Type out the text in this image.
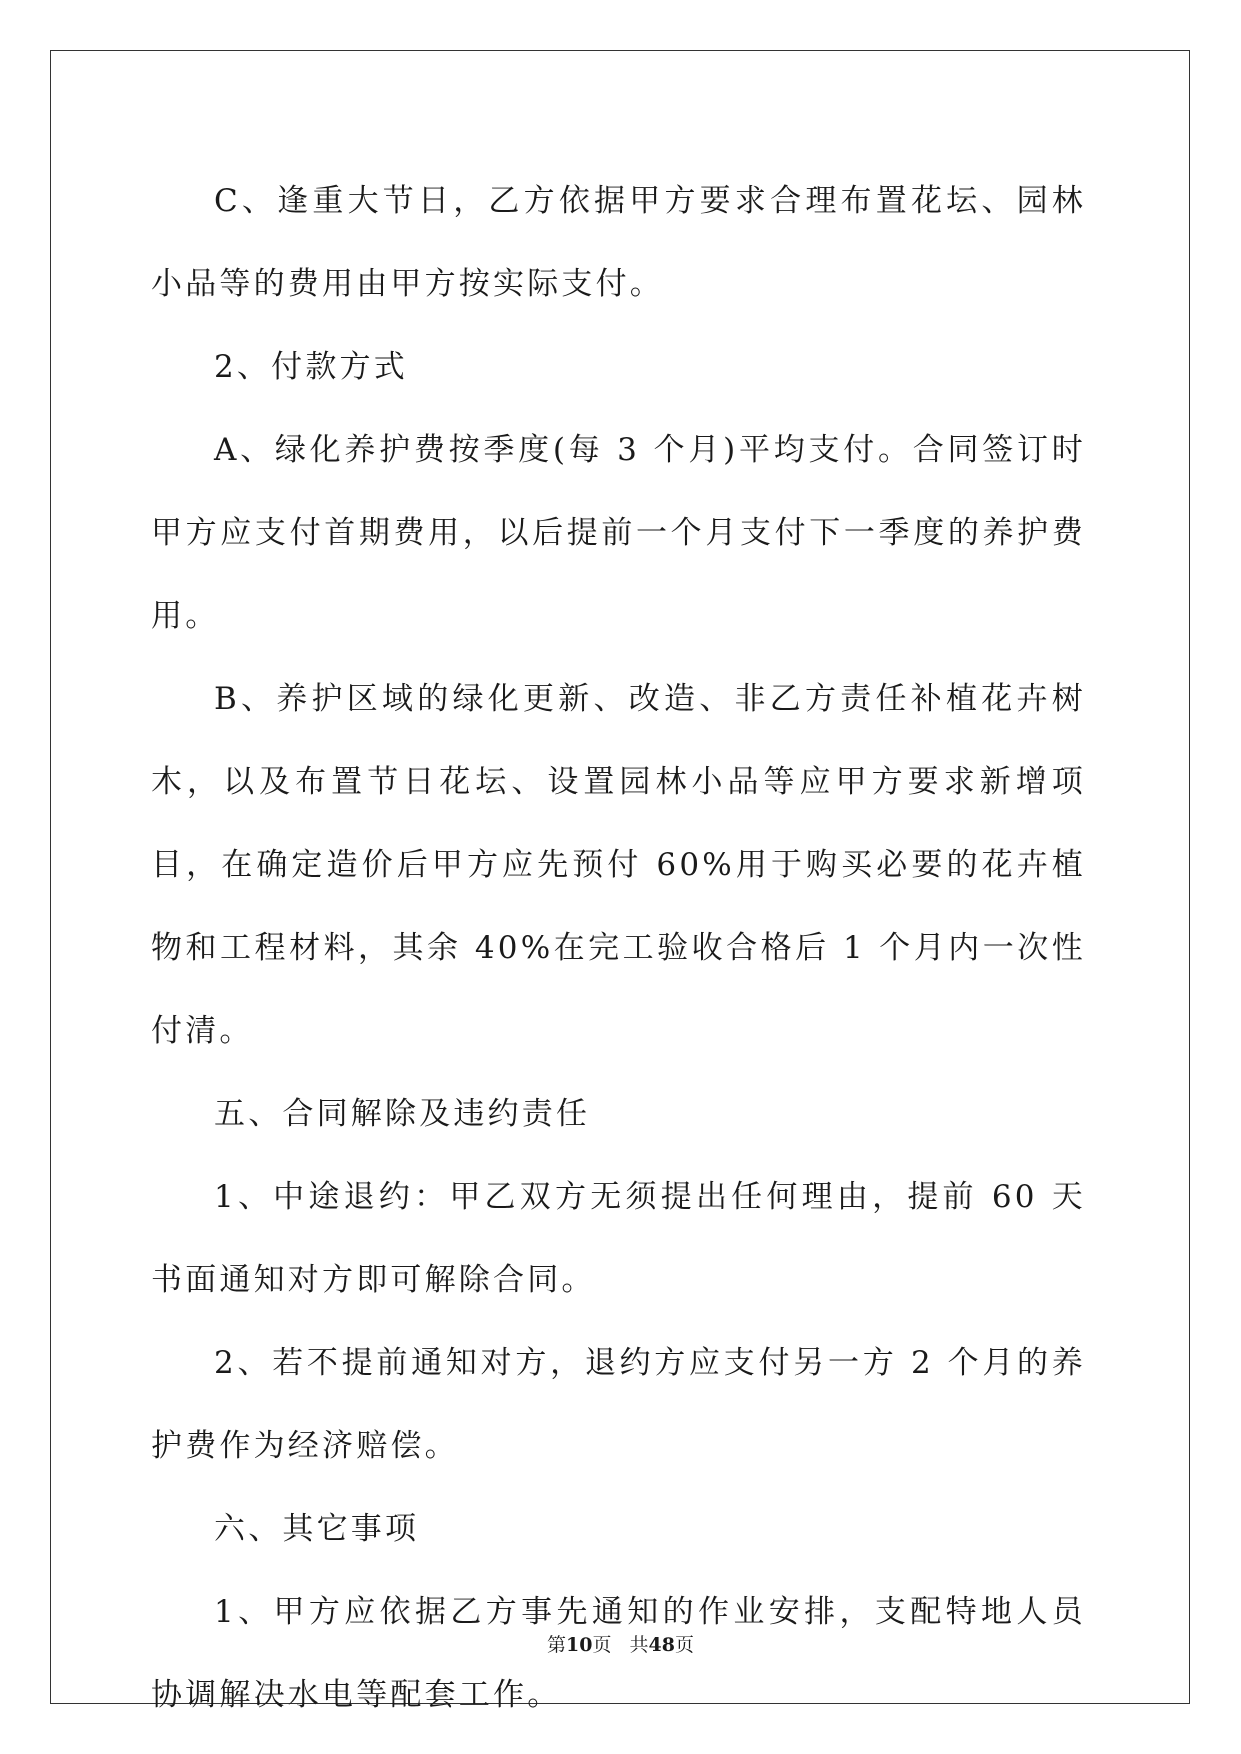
C、逢重大节日，乙方依据甲方要求合理布置花坛、园林小品等的费用由甲方按实际支付。

2、付款方式

A、绿化养护费按季度(每 3 个月)平均支付。合同签订时甲方应支付首期费用，以后提前一个月支付下一季度的养护费用。

B、养护区域的绿化更新、改造、非乙方责任补植花卉树木，以及布置节日花坛、设置园林小品等应甲方要求新增项目，在确定造价后甲方应先预付 60%用于购买必要的花卉植物和工程材料，其余 40%在完工验收合格后 1 个月内一次性付清。

五、合同解除及违约责任

1、中途退约：甲乙双方无须提出任何理由，提前 60 天书面通知对方即可解除合同。

2、若不提前通知对方，退约方应支付另一方 2 个月的养护费作为经济赔偿。

六、其它事项

1、甲方应依据乙方事先通知的作业安排，支配特地人员协调解决水电等配套工作。

第10页 共48页
